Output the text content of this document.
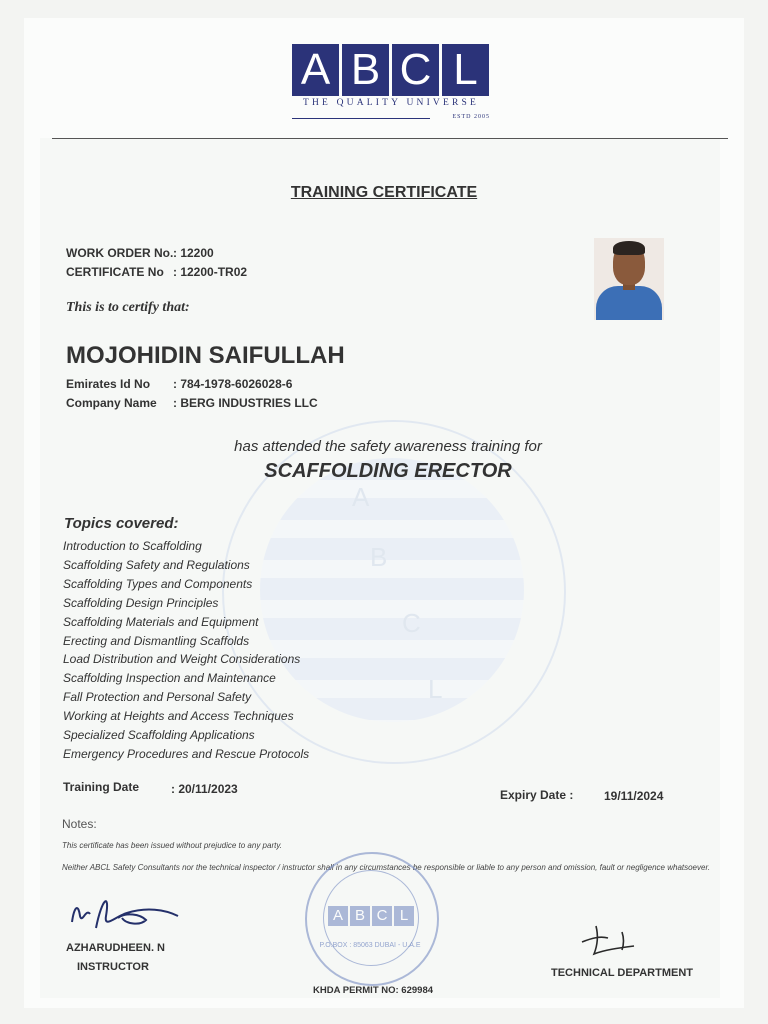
A
B
C
L
A B C L
THE QUALITY UNIVERSE
ESTD 2005
TRAINING CERTIFICATE
WORK ORDER No. : 12200
CERTIFICATE No : 12200-TR02
This is to certify that:
MOJOHIDIN SAIFULLAH
Emirates Id No : 784-1978-6026028-6
Company Name : BERG INDUSTRIES LLC
has attended the safety awareness training for
SCAFFOLDING ERECTOR
Topics covered:
Introduction to Scaffolding
Scaffolding Safety and Regulations
Scaffolding Types and Components
Scaffolding Design Principles
Scaffolding Materials and Equipment
Erecting and Dismantling Scaffolds
Load Distribution and Weight Considerations
Scaffolding Inspection and Maintenance
Fall Protection and Personal Safety
Working at Heights and Access Techniques
Specialized Scaffolding Applications
Emergency Procedures and Rescue Protocols
Training Date	: 20/11/2023	Expiry Date :	19/11/2024
Notes:
This certificate has been issued without prejudice to any party.
Neither ABCL Safety Consultants nor the technical inspector / instructor shall in any circumstances be responsible or liable to any person and omission, fault or negligence whatsoever.
AZHARUDHEEN. N
INSTRUCTOR
A B C L
P.O.BOX : 85063 DUBAI - U.A.E
KHDA PERMIT NO: 629984
TECHNICAL DEPARTMENT
